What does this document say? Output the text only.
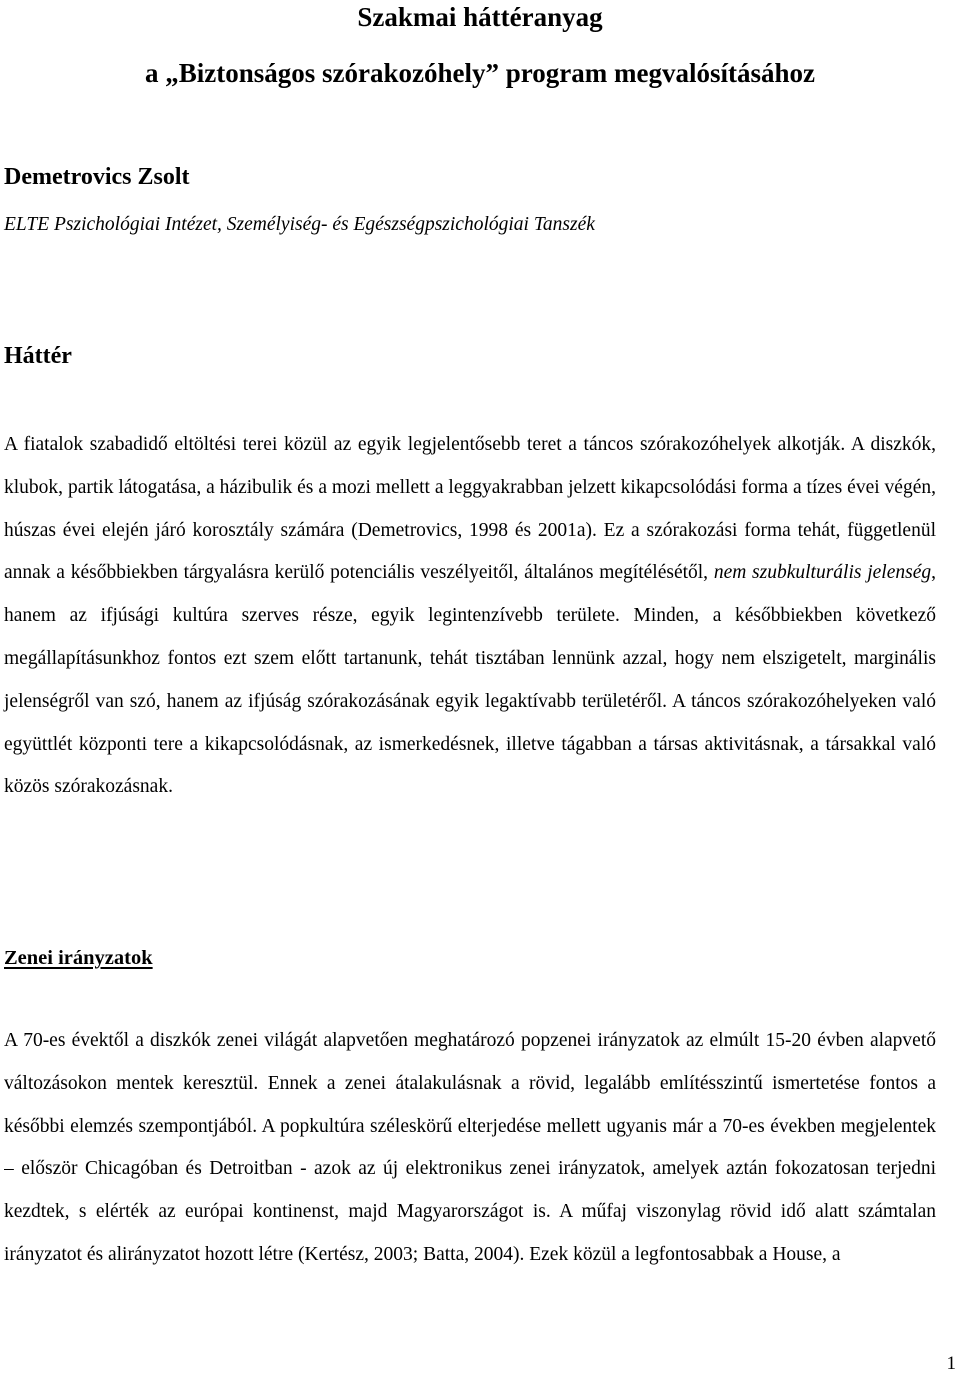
Szakmai háttéranyag
a „Biztonságos szórakozóhely” program megvalósításához
Demetrovics Zsolt
ELTE Pszichológiai Intézet, Személyiség- és Egészségpszichológiai Tanszék
Háttér

A fiatalok szabadidő eltöltési terei közül az egyik legjelentősebb teret a táncos szórakozóhelyek alkotják. A diszkók, klubok, partik látogatása, a házibulik és a mozi mellett a leggyakrabban jelzett kikapcsolódási forma a tízes évei végén, húszas évei elején járó korosztály számára (Demetrovics, 1998 és 2001a). Ez a szórakozási forma tehát, függetlenül annak a későbbiekben tárgyalásra kerülő potenciális veszélyeitől, általános megítélésétől, nem szubkulturális jelenség, hanem az ifjúsági kultúra szerves része, egyik legintenzívebb területe. Minden, a későbbiekben következő megállapításunkhoz fontos ezt szem előtt tartanunk, tehát tisztában lennünk azzal, hogy nem elszigetelt, marginális jelenségről van szó, hanem az ifjúság szórakozásának egyik legaktívabb területéről. A táncos szórakozóhelyeken való együttlét központi tere a kikapcsolódásnak, az ismerkedésnek, illetve tágabban a társas aktivitásnak, a társakkal való közös szórakozásnak.

Zenei irányzatok

A 70-es évektől a diszkók zenei világát alapvetően meghatározó popzenei irányzatok az elmúlt 15-20 évben alapvető változásokon mentek keresztül. Ennek a zenei átalakulásnak a rövid, legalább említésszintű ismertetése fontos a későbbi elemzés szempontjából. A popkultúra széleskörű elterjedése mellett ugyanis már a 70-es években megjelentek – először Chicagóban és Detroitban - azok az új elektronikus zenei irányzatok, amelyek aztán fokozatosan terjedni kezdtek, s elérték az európai kontinenst, majd Magyarországot is. A műfaj viszonylag rövid idő alatt számtalan irányzatot és alirányzatot hozott létre (Kertész, 2003; Batta, 2004). Ezek közül a legfontosabbak a House, a

1
